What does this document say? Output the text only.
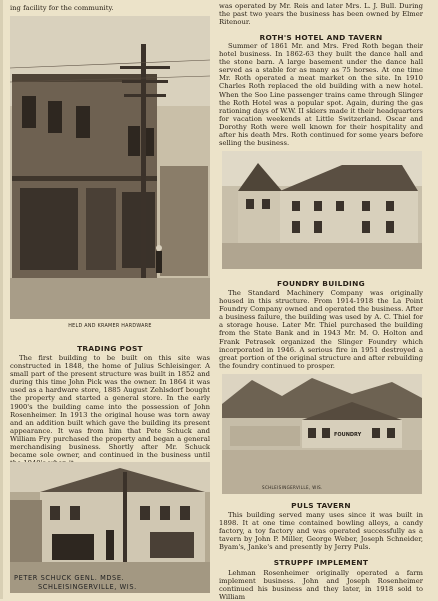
ing facility for the community.

HELD AND KRAMER HARDWARE

TRADING POST

The first building to be built on this site was constructed in 1848, the home of Julius Schleisinger. A small part of the present structure was built in 1852 and during this time John Pick was the owner. In 1864 it was used as a hardware store, 1885 August Zehlsdorf bought the property and started a general store. In the early 1900's the building came into the possession of John Rosenheimer. In 1913 the original house was torn away and an addition built which gave the building its present appearance. It was from him that Pete Schuck and William Fry purchased the property and began a general merchandising business. Shortly after Mr. Schuck became sole owner, and continued in the business until

PETER SCHUCK GENL. MDSE.

SCHLEISINGERVILLE, WIS.

was operated by Mr. Reis and later Mrs. L. J. Bull. During the past two years the business has been owned by Elmer Ritenour.

ROTH'S HOTEL AND TAVERN

Summer of 1861 Mr. and Mrs. Fred Roth began their hotel business. In 1862-63 they built the dance hall and the stone barn. A large basement under the dance hall served as a stable for as many as 75 horses. At one time Mr. Roth operated a meat market on the site. In 1910 Charles Roth replaced the old building with a new hotel. When the Soo Line passenger trains came through Slinger the Roth Hotel was a popular spot. Again, during the gas rationing days of W.W. II skiers made it their headquarters for vacation weekends at Little Switzerland. Oscar and Dorothy Roth were well known for their hospitality and after his death Mrs. Roth continued for some years before selling the business.

FOUNDRY BUILDING

The Standard Machinery Company was originally housed in this structure. From 1914-1918 the La Point Foundry Company owned and operated the business. After a business failure, the building was used by A. C. Thiel for a storage house. Later Mr. Thiel purchased the building from the State Bank and in 1943 Mr. M. O. Holton and Frank Petrasek organized the Slinger Foundry which incorporated in 1946. A serious fire in 1951 destroyed a great portion of the original structure and after rebuilding the foundry continued to prosper.

FOUNDRY

SCHLEISINGERVILLE, WIS.

PULS TAVERN

This building served many uses since it was built in 1898. It at one time contained bowling alleys, a candy factory, a toy factory and was operated successfully as a tavern by John P. Miller, George Weber, Joseph Schneider, Byam's, Janke's and presently by Jerry Puls.

STRUPPF IMPLEMENT

Lehman Rosenheimer originally operated a farm implement business. John and Joseph Rosenheimer continued his business and they later, in 1918 sold to William
